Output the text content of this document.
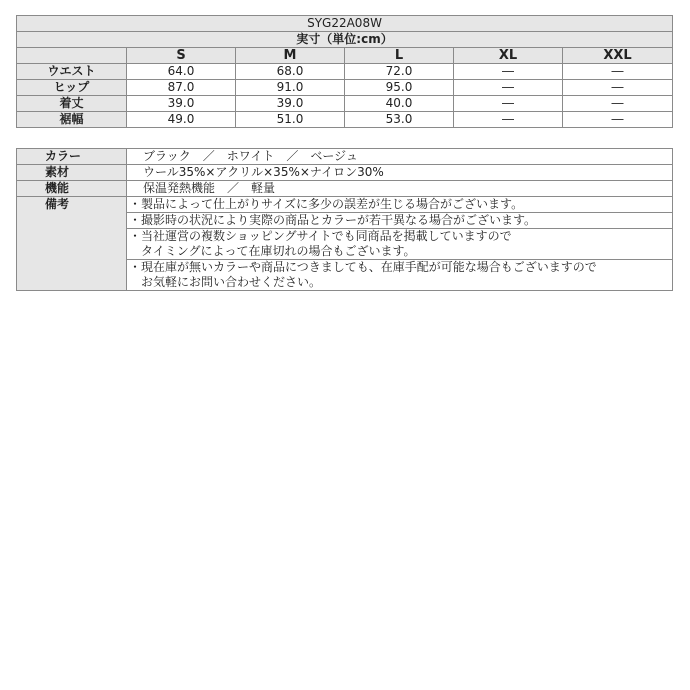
SYG22A08W					
実寸（単位:cm）					
	S	M	L	XL	XXL
ウエスト	64.0	68.0	72.0	―	―
ヒップ	87.0	91.0	95.0	―	―
着丈	39.0	39.0	40.0	―	―
裾幅	49.0	51.0	53.0	―	―
カラー	ブラック　／　ホワイト　／　ベージュ
素材	ウール35%×アクリル×35%×ナイロン30%
機能	保温発熱機能　／　軽量
備考	・製品によって仕上がりサイズに多少の誤差が生じる場合がございます。

	・撮影時の状況により実際の商品とカラーが若干異なる場合がございます。

	・当社運営の複数ショッピングサイトでも同商品を掲載していますので
タイミングによって在庫切れの場合もございます。

	・現在庫が無いカラーや商品につきましても、在庫手配が可能な場合もございますので
お気軽にお問い合わせください。
